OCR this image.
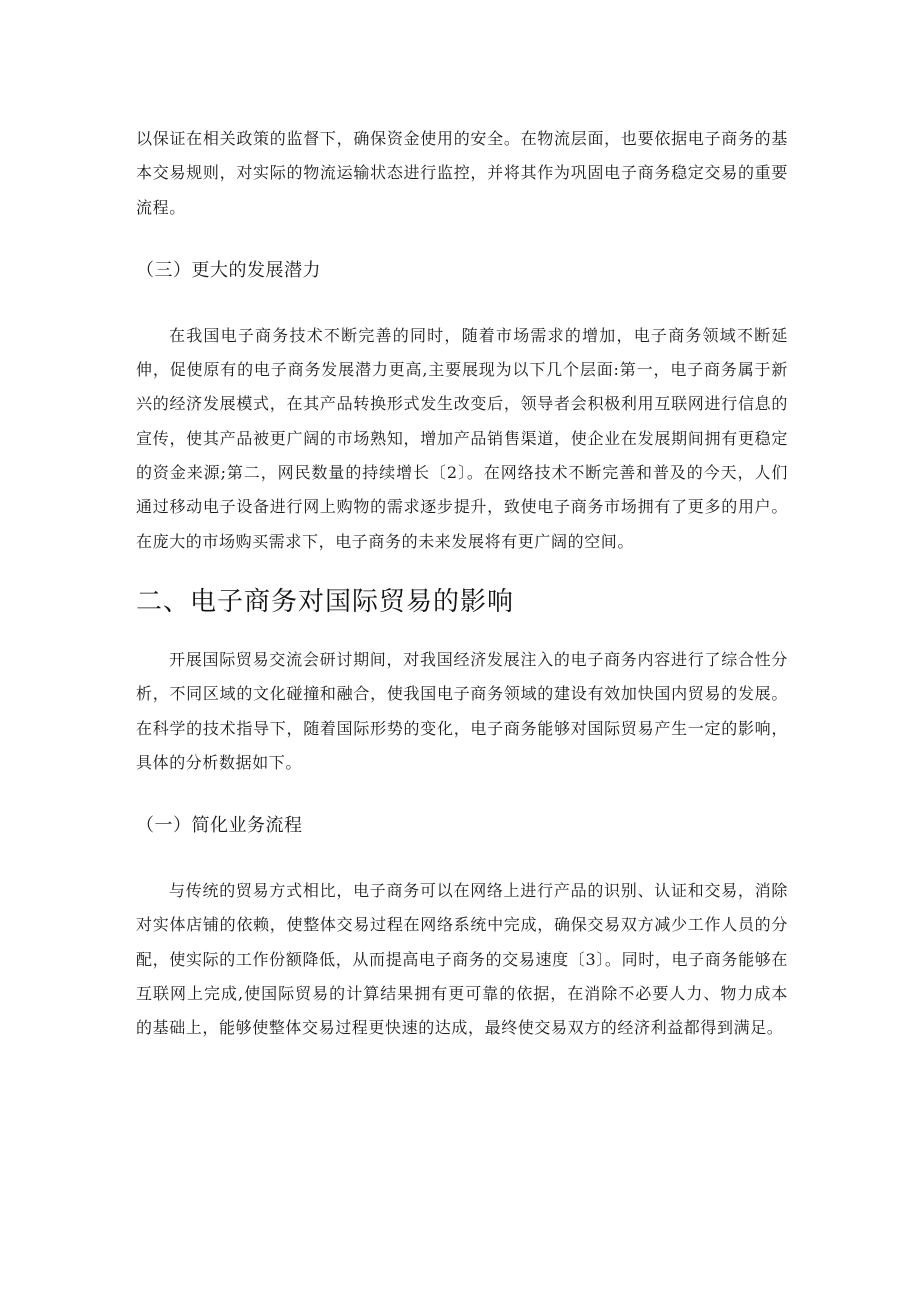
以保证在相关政策的监督下，确保资金使用的安全。在物流层面，也要依据电子商务的基本交易规则，对实际的物流运输状态进行监控，并将其作为巩固电子商务稳定交易的重要流程。

（三）更大的发展潜力

在我国电子商务技术不断完善的同时，随着市场需求的增加，电子商务领域不断延伸，促使原有的电子商务发展潜力更高,主要展现为以下几个层面:第一，电子商务属于新兴的经济发展模式，在其产品转换形式发生改变后，领导者会积极利用互联网进行信息的宣传，使其产品被更广阔的市场熟知，增加产品销售渠道，使企业在发展期间拥有更稳定的资金来源;第二，网民数量的持续增长〔2〕。在网络技术不断完善和普及的今天，人们通过移动电子设备进行网上购物的需求逐步提升，致使电子商务市场拥有了更多的用户。在庞大的市场购买需求下，电子商务的未来发展将有更广阔的空间。

二、电子商务对国际贸易的影响

开展国际贸易交流会研讨期间，对我国经济发展注入的电子商务内容进行了综合性分析，不同区域的文化碰撞和融合，使我国电子商务领域的建设有效加快国内贸易的发展。在科学的技术指导下，随着国际形势的变化，电子商务能够对国际贸易产生一定的影响，具体的分析数据如下。

（一）简化业务流程

与传统的贸易方式相比，电子商务可以在网络上进行产品的识别、认证和交易，消除对实体店铺的依赖，使整体交易过程在网络系统中完成，确保交易双方减少工作人员的分配，使实际的工作份额降低，从而提高电子商务的交易速度〔3〕。同时，电子商务能够在互联网上完成,使国际贸易的计算结果拥有更可靠的依据，在消除不必要人力、物力成本的基础上，能够使整体交易过程更快速的达成，最终使交易双方的经济利益都得到满足。
